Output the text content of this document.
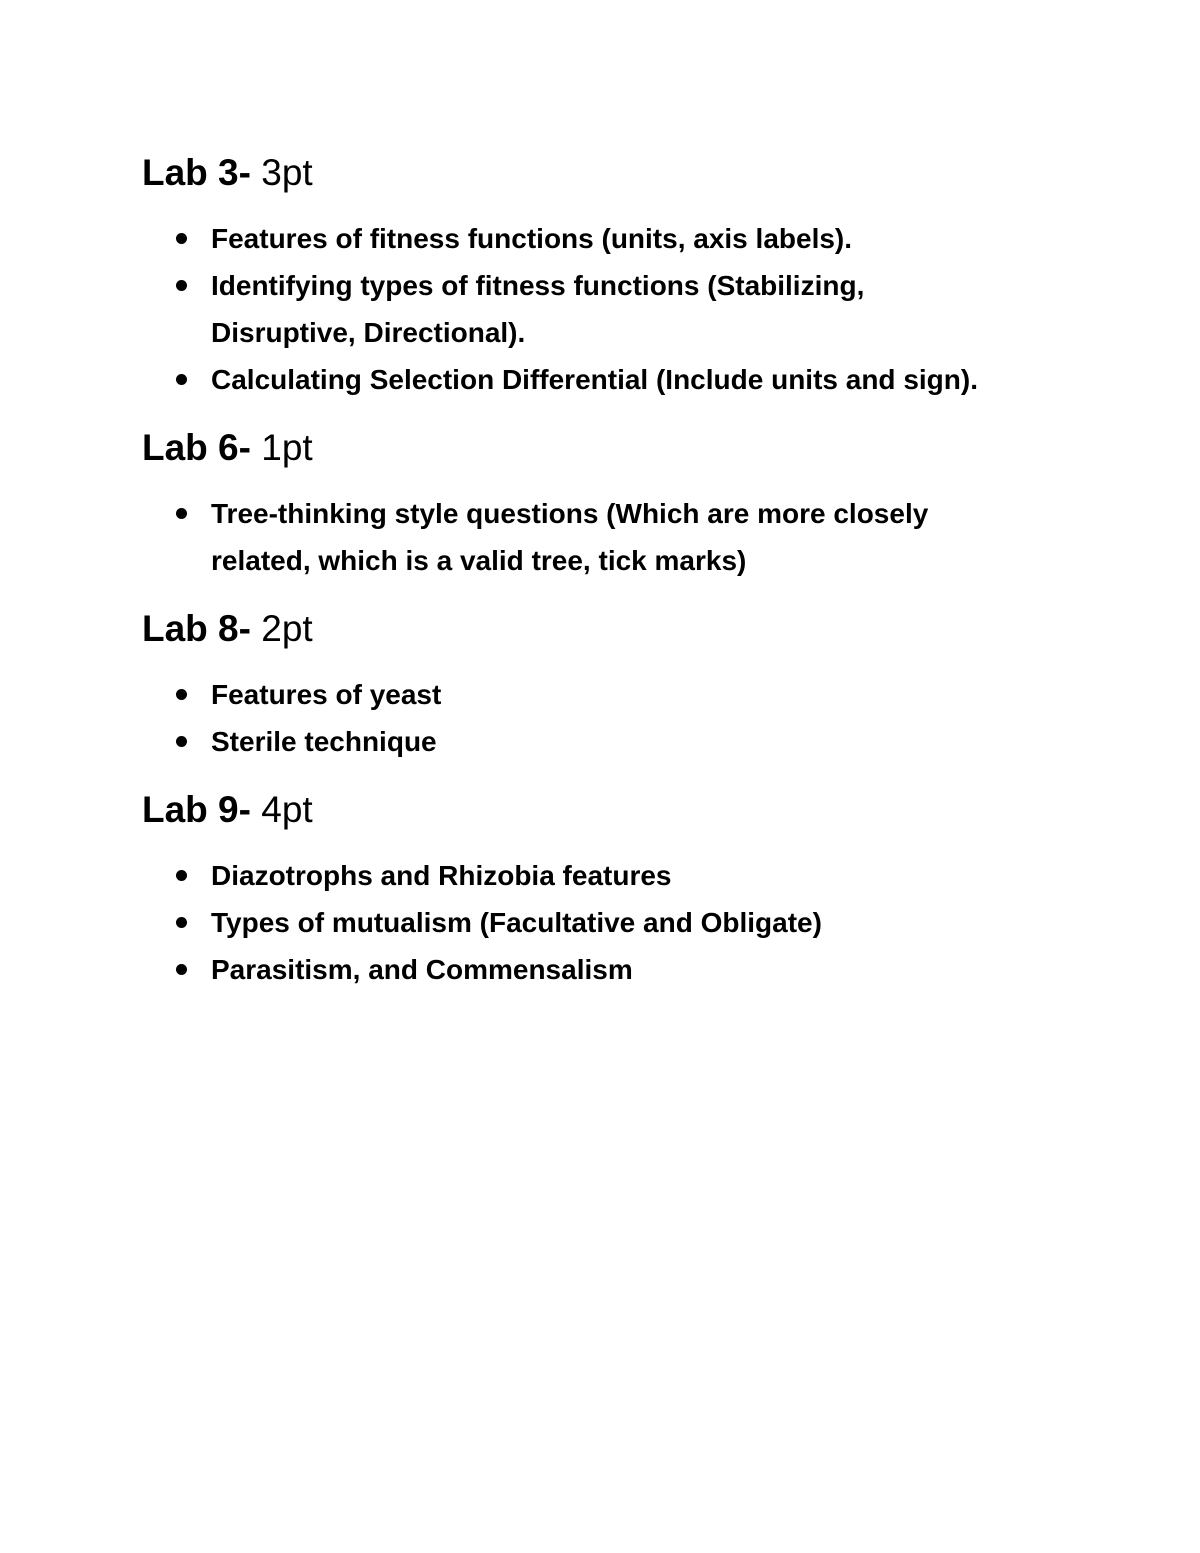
Lab 3- 3pt
Features of fitness functions (units, axis labels).
Identifying types of fitness functions (Stabilizing,
Disruptive, Directional).
Calculating Selection Differential (Include units and sign).
Lab 6- 1pt
Tree-thinking style questions (Which are more closely
related, which is a valid tree, tick marks)
Lab 8- 2pt
Features of yeast
Sterile technique
Lab 9- 4pt
Diazotrophs and Rhizobia features
Types of mutualism (Facultative and Obligate)
Parasitism, and Commensalism
